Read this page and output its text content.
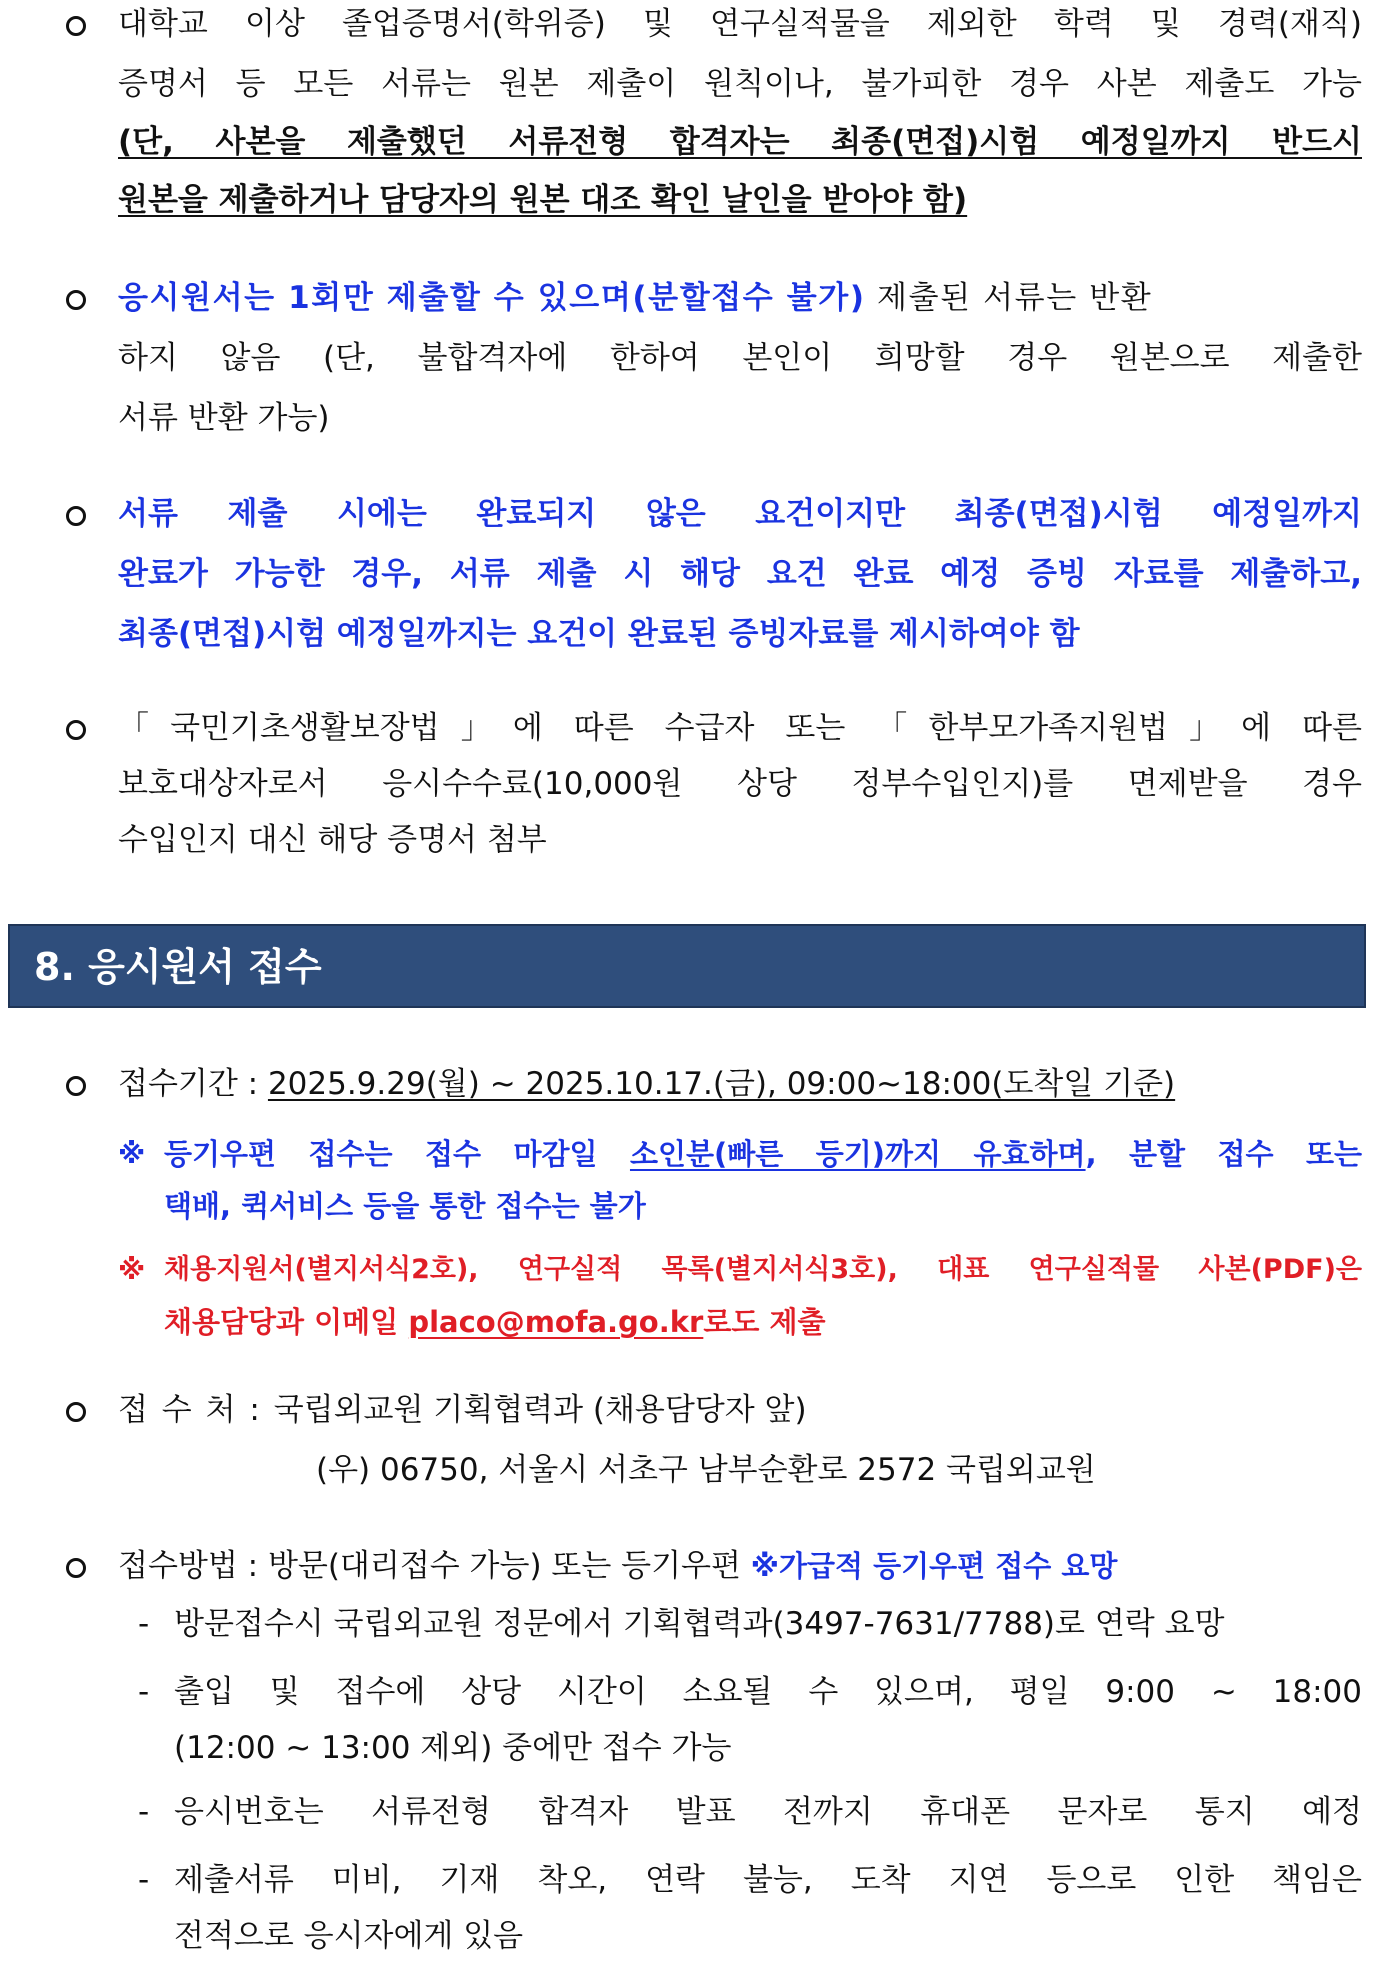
대학교 이상 졸업증명서(학위증) 및 연구실적물을 제외한 학력 및 경력(재직)
증명서 등 모든 서류는 원본 제출이 원칙이나, 불가피한 경우 사본 제출도 가능
(단, 사본을 제출했던 서류전형 합격자는 최종(면접)시험 예정일까지 반드시
원본을 제출하거나 담당자의 원본 대조 확인 날인을 받아야 함)
응시원서는 1회만 제출할 수 있으며(분할접수 불가) 제출된 서류는 반환
하지 않음 (단, 불합격자에 한하여 본인이 희망할 경우 원본으로 제출한
서류 반환 가능)
서류 제출 시에는 완료되지 않은 요건이지만 최종(면접)시험 예정일까지
완료가 가능한 경우, 서류 제출 시 해당 요건 완료 예정 증빙 자료를 제출하고,
최종(면접)시험 예정일까지는 요건이 완료된 증빙자료를 제시하여야 함
「국민기초생활보장법」에 따른 수급자 또는 「한부모가족지원법」에 따른
보호대상자로서 응시수수료(10,000원 상당 정부수입인지)를 면제받을 경우
수입인지 대신 해당 증명서 첨부
8. 응시원서 접수
접수기간 : 2025.9.29(월) ~ 2025.10.17.(금), 09:00~18:00(도착일 기준)
※ 등기우편 접수는 접수 마감일 소인분(빠른 등기)까지 유효하며, 분할 접수 또는
택배, 퀵서비스 등을 통한 접수는 불가
※ 채용지원서(별지서식2호), 연구실적 목록(별지서식3호), 대표 연구실적물 사본(PDF)은
채용담당과 이메일 placo@mofa.go.kr로도 제출
접 수 처 : 국립외교원 기획협력과 (채용담당자 앞)
(우) 06750, 서울시 서초구 남부순환로 2572 국립외교원
접수방법 : 방문(대리접수 가능) 또는 등기우편 ※가급적 등기우편 접수 요망
- 방문접수시 국립외교원 정문에서 기획협력과(3497-7631/7788)로 연락 요망
- 출입 및 접수에 상당 시간이 소요될 수 있으며, 평일 9:00 ~ 18:00
(12:00 ~ 13:00 제외) 중에만 접수 가능
- 응시번호는 서류전형 합격자 발표 전까지 휴대폰 문자로 통지 예정
- 제출서류 미비, 기재 착오, 연락 불능, 도착 지연 등으로 인한 책임은
전적으로 응시자에게 있음
